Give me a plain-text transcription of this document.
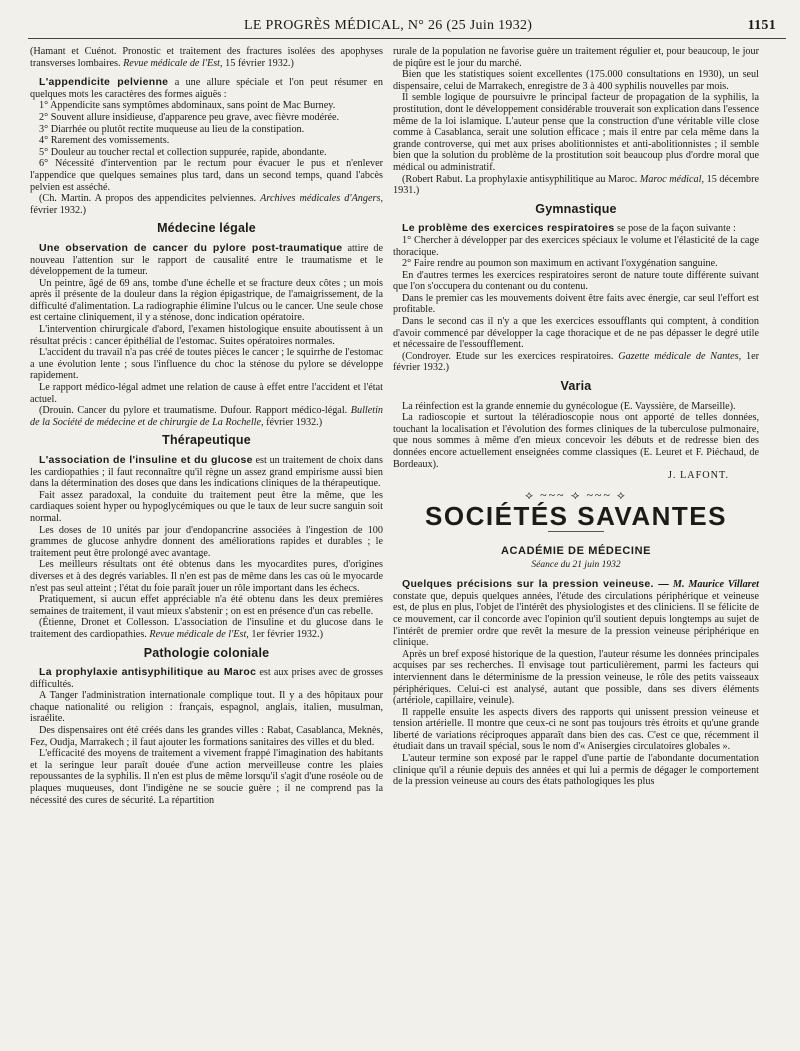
LE PROGRÈS MÉDICAL, N° 26 (25 Juin 1932)	1151

(Hamant et Cuénot. Pronostic et traitement des fractures isolées des apophyses transverses lombaires. Revue médicale de l'Est, 15 février 1932.)

L'appendicite pelvienne a une allure spéciale et l'on peut résumer en quelques mots les caractères des formes aiguës :

1° Appendicite sans symptômes abdominaux, sans point de Mac Burney.

2° Souvent allure insidieuse, d'apparence peu grave, avec fièvre modérée.

3° Diarrhée ou plutôt rectite muqueuse au lieu de la constipation.

4° Rarement des vomissements.

5° Douleur au toucher rectal et collection suppurée, rapide, abondante.

6° Nécessité d'intervention par le rectum pour évacuer le pus et n'enlever l'appendice que quelques semaines plus tard, dans un second temps, quand l'abcès pelvien est asséché.

(Ch. Martin. A propos des appendicites pelviennes. Archives médicales d'Angers, février 1932.)

Médecine légale

Une observation de cancer du pylore post-traumatique attire de nouveau l'attention sur le rapport de causalité entre le traumatisme et le développement de la tumeur.

Un peintre, âgé de 69 ans, tombe d'une échelle et se fracture deux côtes ; un mois après il présente de la douleur dans la région épigastrique, de l'amaigrissement, de la difficulté d'alimentation. La radiographie élimine l'ulcus ou le cancer. Une seule chose est certaine cliniquement, il y a sténose, donc indication opératoire.

L'intervention chirurgicale d'abord, l'examen histologique ensuite aboutissent à un résultat précis : cancer épithélial de l'estomac. Suites opératoires normales.

L'accident du travail n'a pas créé de toutes pièces le cancer ; le squirrhe de l'estomac a une évolution lente ; sous l'influence du choc la sténose du pylore se développe rapidement.

Le rapport médico-légal admet une relation de cause à effet entre l'accident et l'état actuel.

(Drouin. Cancer du pylore et traumatisme. Dufour. Rapport médico-légal. Bulletin de la Société de médecine et de chirurgie de La Rochelle, février 1932.)

Thérapeutique

L'association de l'insuline et du glucose est un traitement de choix dans les cardiopathies ; il faut reconnaître qu'il règne un assez grand empirisme aussi bien dans la détermination des doses que dans les indications cliniques de la thérapeutique.

Fait assez paradoxal, la conduite du traitement peut être la même, que les cardiaques soient hyper ou hypoglycémiques ou que le taux de leur sucre sanguin soit normal.

Les doses de 10 unités par jour d'endopancrine associées à l'ingestion de 100 grammes de glucose anhydre donnent des améliorations rapides et durables ; le traitement peut être prolongé avec avantage.

Les meilleurs résultats ont été obtenus dans les myocardites pures, d'origines diverses et à des degrés variables. Il n'en est pas de même dans les cas où le myocarde n'est pas seul atteint ; l'état du foie paraît jouer un rôle important dans les échecs.

Pratiquement, si aucun effet appréciable n'a été obtenu dans les deux premières semaines de traitement, il vaut mieux s'abstenir ; on est en présence d'un cas rebelle.

(Étienne, Dronet et Collesson. L'association de l'insuline et du glucose dans le traitement des cardiopathies. Revue médicale de l'Est, 1er février 1932.)

Pathologie coloniale

La prophylaxie antisyphilitique au Maroc est aux prises avec de grosses difficultés.

A Tanger l'administration internationale complique tout. Il y a des hôpitaux pour chaque nationalité ou religion : français, espagnol, anglais, italien, musulman, israélite.

Des dispensaires ont été créés dans les grandes villes : Rabat, Casablanca, Meknès, Fez, Oudja, Marrakech ; il faut ajouter les formations sanitaires des villes et du bled.

L'efficacité des moyens de traitement a vivement frappé l'imagination des habitants et la seringue leur paraît douée d'une action merveilleuse contre les plaies repoussantes de la syphilis. Il n'en est plus de même lorsqu'il s'agit d'une roséole ou de plaques muqueuses, dont l'indigène ne se soucie guère ; il ne comprend pas la nécessité des cures de sécurité. La répartition

rurale de la population ne favorise guère un traitement régulier et, pour beaucoup, le jour de piqûre est le jour du marché.

Bien que les statistiques soient excellentes (175.000 consultations en 1930), un seul dispensaire, celui de Marrakech, enregistre de 3 à 400 syphilis nouvelles par mois.

Il semble logique de poursuivre le principal facteur de propagation de la syphilis, la prostitution, dont le développement considérable trouverait son explication dans l'essence même de la loi islamique. L'auteur pense que la construction d'une véritable ville close comme à Casablanca, serait une solution efficace ; mais il entre par cela même dans la grande controverse, qui met aux prises abolitionnistes et anti-abolitionnistes ; il semble bien que la solution du problème de la prostitution soit beaucoup plus d'ordre moral que médical ou administratif.

(Robert Rabut. La prophylaxie antisyphilitique au Maroc. Maroc médical, 15 décembre 1931.)

Gymnastique

Le problème des exercices respiratoires se pose de la façon suivante :

1° Chercher à développer par des exercices spéciaux le volume et l'élasticité de la cage thoracique.

2° Faire rendre au poumon son maximum en activant l'oxygénation sanguine.

En d'autres termes les exercices respiratoires seront de nature toute différente suivant que l'on s'occupera du contenant ou du contenu.

Dans le premier cas les mouvements doivent être faits avec énergie, car seul l'effort est profitable.

Dans le second cas il n'y a que les exercices essoufflants qui comptent, à condition d'avoir commencé par développer la cage thoracique et de ne pas dépasser le degré utile et nécessaire de l'essoufflement.

(Condroyer. Etude sur les exercices respiratoires. Gazette médicale de Nantes, 1er février 1932.)

Varia

La réinfection est la grande ennemie du gynécologue (E. Vayssière, de Marseille).

La radioscopie et surtout la téléradioscopie nous ont apporté de telles données, touchant la localisation et l'évolution des formes cliniques de la tuberculose pulmonaire, que nous sommes à même d'en mieux concevoir les débuts et de redresse bien des données encore actuellement enseignées comme classiques (E. Leuret et F. Piéchaud, de Bordeaux).

J. LAFONT.

⟡ ~~~ ⟢ ~~~ ⟡
SOCIÉTÉS SAVANTES
ACADÉMIE DE MÉDECINE
Séance du 21 juin 1932

Quelques précisions sur la pression veineuse. — M. Maurice Villaret constate que, depuis quelques années, l'étude des circulations périphérique et veineuse est, de plus en plus, l'objet de l'intérêt des physiologistes et des cliniciens. Il se félicite de ce mouvement, car il concorde avec l'opinion qu'il soutient depuis longtemps au sujet de l'intérêt de premier ordre que revêt la mesure de la pression veineuse périphérique en clinique.

Après un bref exposé historique de la question, l'auteur résume les données principales acquises par ses recherches. Il envisage tout particulièrement, parmi les facteurs qui interviennent dans le déterminisme de la pression veineuse, le rôle des petits vaisseaux périphériques. Celui-ci est analysé, autant que possible, dans ses divers éléments (artériole, capillaire, veinule).

Il rappelle ensuite les aspects divers des rapports qui unissent pression veineuse et tension artérielle. Il montre que ceux-ci ne sont pas toujours très étroits et qu'une grande liberté de variations réciproques apparaît dans bien des cas. C'est ce que, récemment il étudiait dans un travail spécial, sous le nom d'« Anisergies circulatoires globales ».

L'auteur termine son exposé par le rappel d'une partie de l'abondante documentation clinique qu'il a réunie depuis des années et qui lui a permis de dégager le comportement de la pression veineuse au cours des états pathologiques les plus
